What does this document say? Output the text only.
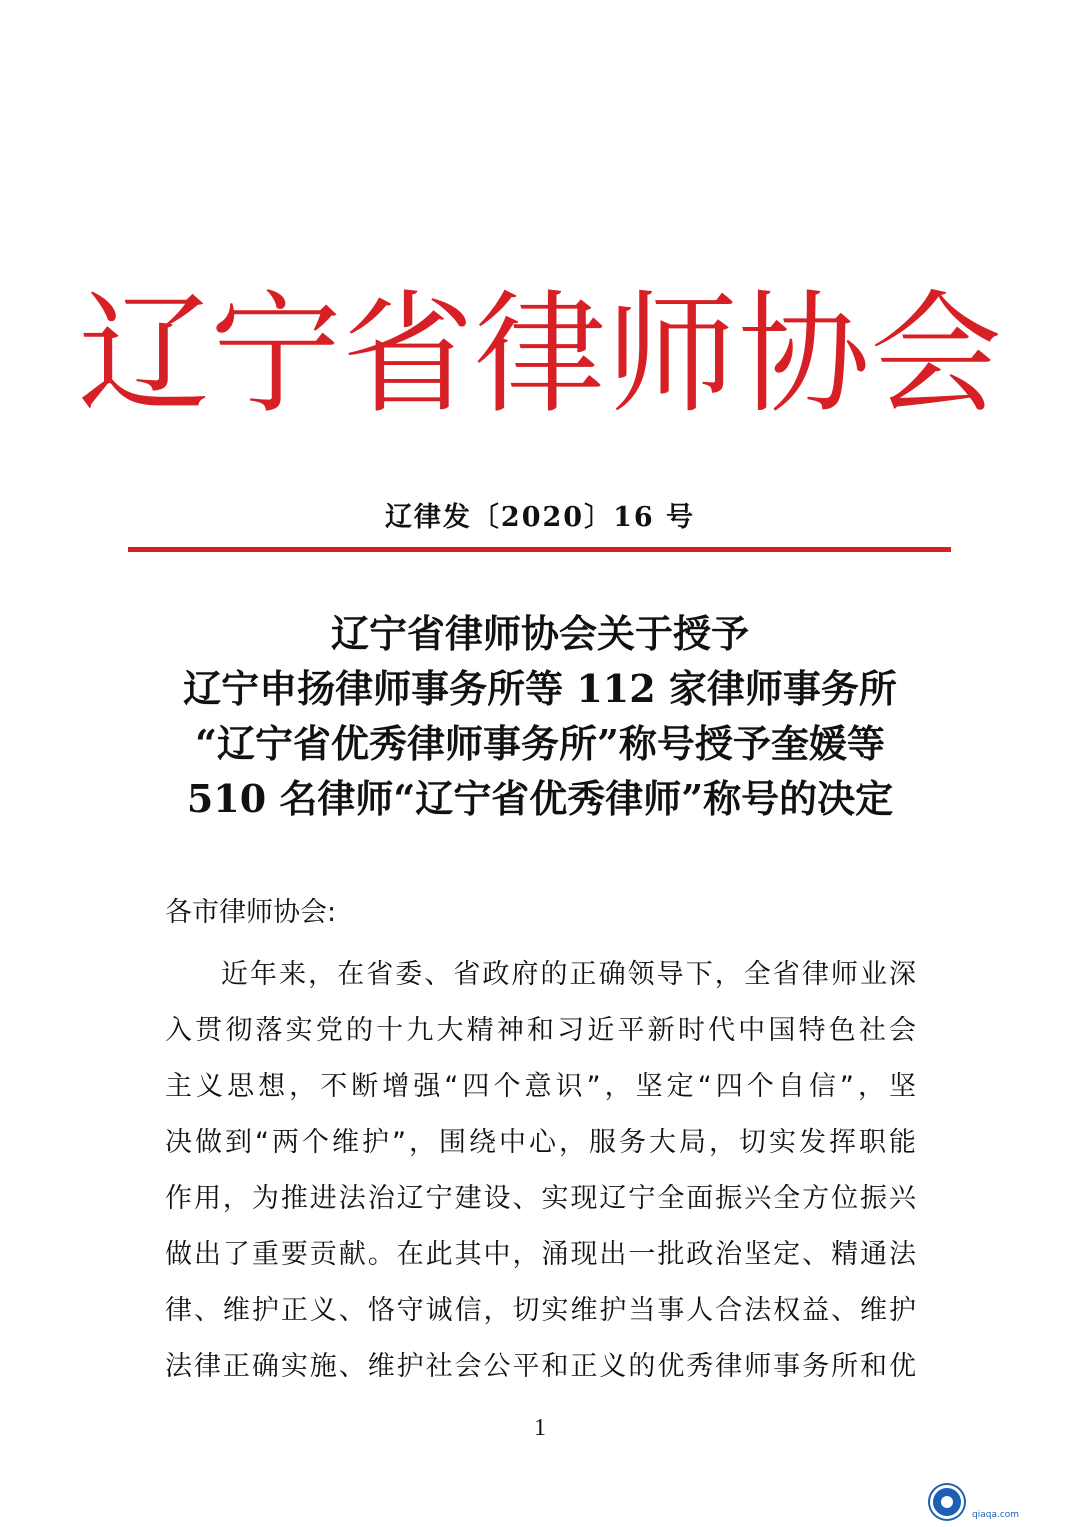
辽宁省律师协会
辽律发〔2020〕16 号
辽宁省律师协会关于授予
辽宁申扬律师事务所等 112 家律师事务所
“辽宁省优秀律师事务所”称号授予奎媛等
510 名律师“辽宁省优秀律师”称号的决定
各市律师协会:
近年来，在省委、省政府的正确领导下，全省律师业深
入贯彻落实党的十九大精神和习近平新时代中国特色社会
主义思想，不断增强“四个意识”，坚定“四个自信”，坚
决做到“两个维护”，围绕中心，服务大局，切实发挥职能
作用，为推进法治辽宁建设、实现辽宁全面振兴全方位振兴
做出了重要贡献。在此其中，涌现出一批政治坚定、精通法
律、维护正义、恪守诚信，切实维护当事人合法权益、维护
法律正确实施、维护社会公平和正义的优秀律师事务所和优
1
恰卡网
qiaqa.com
